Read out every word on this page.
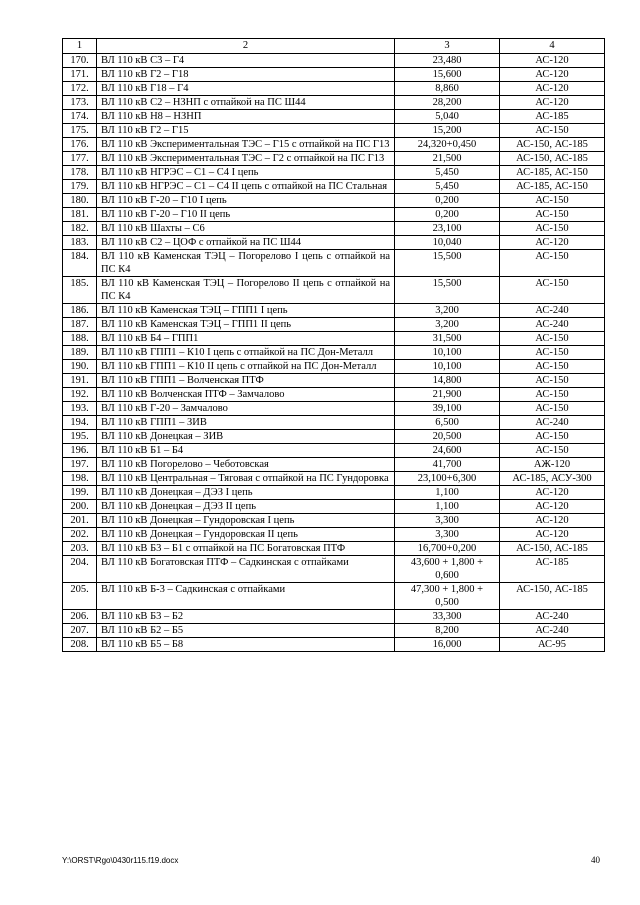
1	2	3	4
170.	ВЛ 110 кВ С3 – Г4	23,480	АС-120
171.	ВЛ 110 кВ Г2 – Г18	15,600	АС-120
172.	ВЛ 110 кВ Г18 – Г4	8,860	АС-120
173.	ВЛ 110 кВ С2 – НЗНП с отпайкой на ПС Ш44	28,200	АС-120
174.	ВЛ 110 кВ Н8 – НЗНП	5,040	АС-185
175.	ВЛ 110 кВ Г2 – Г15	15,200	АС-150
176.	ВЛ 110 кВ Экспериментальная ТЭС – Г15 с отпайкой на ПС Г13	24,320+0,450	АС-150, АС-185
177.	ВЛ 110 кВ Экспериментальная ТЭС – Г2 с отпайкой на ПС Г13	21,500	АС-150, АС-185
178.	ВЛ 110 кВ НГРЭС – С1 – С4 I цепь	5,450	АС-185, АС-150
179.	ВЛ 110 кВ НГРЭС – С1 – С4 II цепь с отпайкой на ПС Стальная	5,450	АС-185, АС-150
180.	ВЛ 110 кВ Г-20 – Г10 I цепь	0,200	АС-150
181.	ВЛ 110 кВ Г-20 – Г10 II цепь	0,200	АС-150
182.	ВЛ 110 кВ Шахты – С6	23,100	АС-150
183.	ВЛ 110 кВ С2 – ЦОФ с отпайкой на ПС Ш44	10,040	АС-120
184.	ВЛ 110 кВ Каменская ТЭЦ – Погорелово I цепь с отпайкой на ПС К4	15,500	АС-150
185.	ВЛ 110 кВ Каменская ТЭЦ – Погорелово II цепь с отпайкой на ПС К4	15,500	АС-150
186.	ВЛ 110 кВ Каменская ТЭЦ – ГПП1 I цепь	3,200	АС-240
187.	ВЛ 110 кВ Каменская ТЭЦ – ГПП1 II цепь	3,200	АС-240
188.	ВЛ 110 кВ Б4 – ГПП1	31,500	АС-150
189.	ВЛ 110 кВ ГПП1 – К10 I цепь с отпайкой на ПС Дон-Металл	10,100	АС-150
190.	ВЛ 110 кВ ГПП1 – К10 II цепь с отпайкой на ПС Дон-Металл	10,100	АС-150
191.	ВЛ 110 кВ ГПП1 – Волченская ПТФ	14,800	АС-150
192.	ВЛ 110 кВ Волченская ПТФ – Замчалово	21,900	АС-150
193.	ВЛ 110 кВ Г-20 – Замчалово	39,100	АС-150
194.	ВЛ 110 кВ ГПП1 – ЗИВ	6,500	АС-240
195.	ВЛ 110 кВ Донецкая – ЗИВ	20,500	АС-150
196.	ВЛ 110 кВ Б1 – Б4	24,600	АС-150
197.	ВЛ 110 кВ Погорелово – Чеботовская	41,700	АЖ-120
198.	ВЛ 110 кВ Центральная – Тяговая с отпайкой на ПС Гундоровка	23,100+6,300	АС-185, АСУ-300
199.	ВЛ 110 кВ Донецкая – ДЭЗ I цепь	1,100	АС-120
200.	ВЛ 110 кВ Донецкая – ДЭЗ II цепь	1,100	АС-120
201.	ВЛ 110 кВ Донецкая – Гундоровская I цепь	3,300	АС-120
202.	ВЛ 110 кВ Донецкая – Гундоровская II цепь	3,300	АС-120
203.	ВЛ 110 кВ Б3 – Б1 с отпайкой на ПС Богатовская ПТФ	16,700+0,200	АС-150, АС-185
204.	ВЛ 110 кВ Богатовская ПТФ – Садкинская с отпайками	43,600 + 1,800 + 0,600	АС-185
205.	ВЛ 110 кВ Б-3 – Садкинская с отпайками	47,300 + 1,800 + 0,500	АС-150, АС-185
206.	ВЛ 110 кВ Б3 – Б2	33,300	АС-240
207.	ВЛ 110 кВ Б2 – Б5	8,200	АС-240
208.	ВЛ 110 кВ Б5 – Б8	16,000	АС-95
Y:\ORST\Rgo\0430r115.f19.docx	40
